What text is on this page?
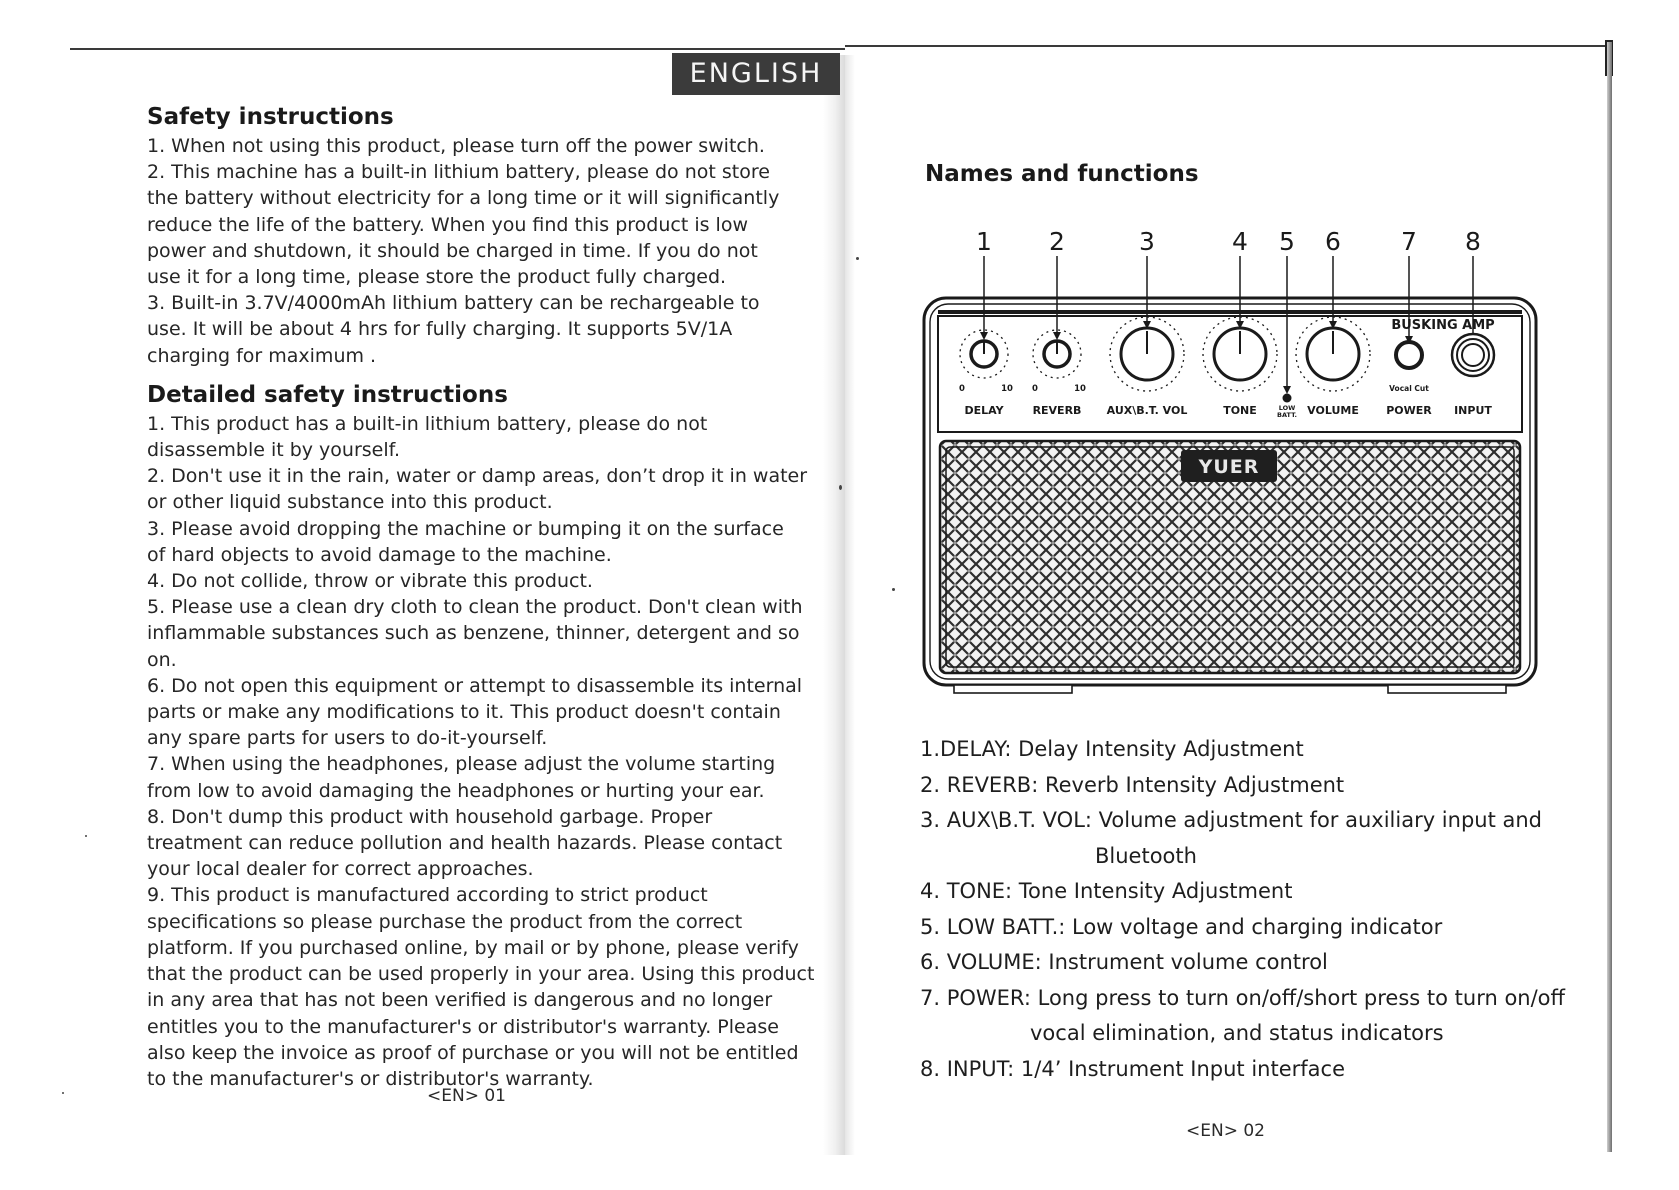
ENGLISH
Safety instructions

1. When not using this product, please turn off the power switch.

2. This machine has a built-in lithium battery, please do not store
the battery without electricity for a long time or it will significantly
reduce the life of the battery. When you find this product is low
power and shutdown, it should be charged in time. If you do not
use it for a long time, please store the product fully charged.

3. Built-in 3.7V/4000mAh lithium battery can be rechargeable to
use. It will be about 4 hrs for fully charging. It supports 5V/1A
charging for maximum .

Detailed safety instructions

1. This product has a built-in lithium battery, please do not
disassemble it by yourself.

2. Don't use it in the rain, water or damp areas, don’t drop it in water
or other liquid substance into this product.

3. Please avoid dropping the machine or bumping it on the surface
of hard objects to avoid damage to the machine.

4. Do not collide, throw or vibrate this product.

5. Please use a clean dry cloth to clean the product. Don't clean with
inflammable substances such as benzene, thinner, detergent and so on.

6. Do not open this equipment or attempt to disassemble its internal
parts or make any modifications to it. This product doesn't contain
any spare parts for users to do-it-yourself.

7. When using the headphones, please adjust the volume starting
from low to avoid damaging the headphones or hurting your ear.

8. Don't dump this product with household garbage. Proper
treatment can reduce pollution and health hazards. Please contact
your local dealer for correct approaches.

9. This product is manufactured according to strict product
specifications so please purchase the product from the correct
platform. If you purchased online, by mail or by phone, please verify
that the product can be used properly in your area. Using this product
in any area that has not been verified is dangerous and no longer
entitles you to the manufacturer's or distributor's warranty. Please
also keep the invoice as proof of purchase or you will not be entitled
to the manufacturer's or distributor's warranty.

<EN> 01
Names and functions
1 2	3	4 5 6 7 8
YUER
0	10 0	10
LOW
BATT.
BUSKING AMP
Vocal Cut
DELAY	REVERB AUX\B.T. VOL	TONE	VOLUME POWER INPUT
1.DELAY: Delay Intensity Adjustment
2. REVERB: Reverb Intensity Adjustment
3. AUX\B.T. VOL: Volume adjustment for auxiliary input and
Bluetooth
4. TONE: Tone Intensity Adjustment
5. LOW BATT.: Low voltage and charging indicator
6. VOLUME: Instrument volume control
7. POWER: Long press to turn on/off/short press to turn on/off
vocal elimination, and status indicators
8. INPUT: 1/4’ Instrument Input interface
<EN> 02
